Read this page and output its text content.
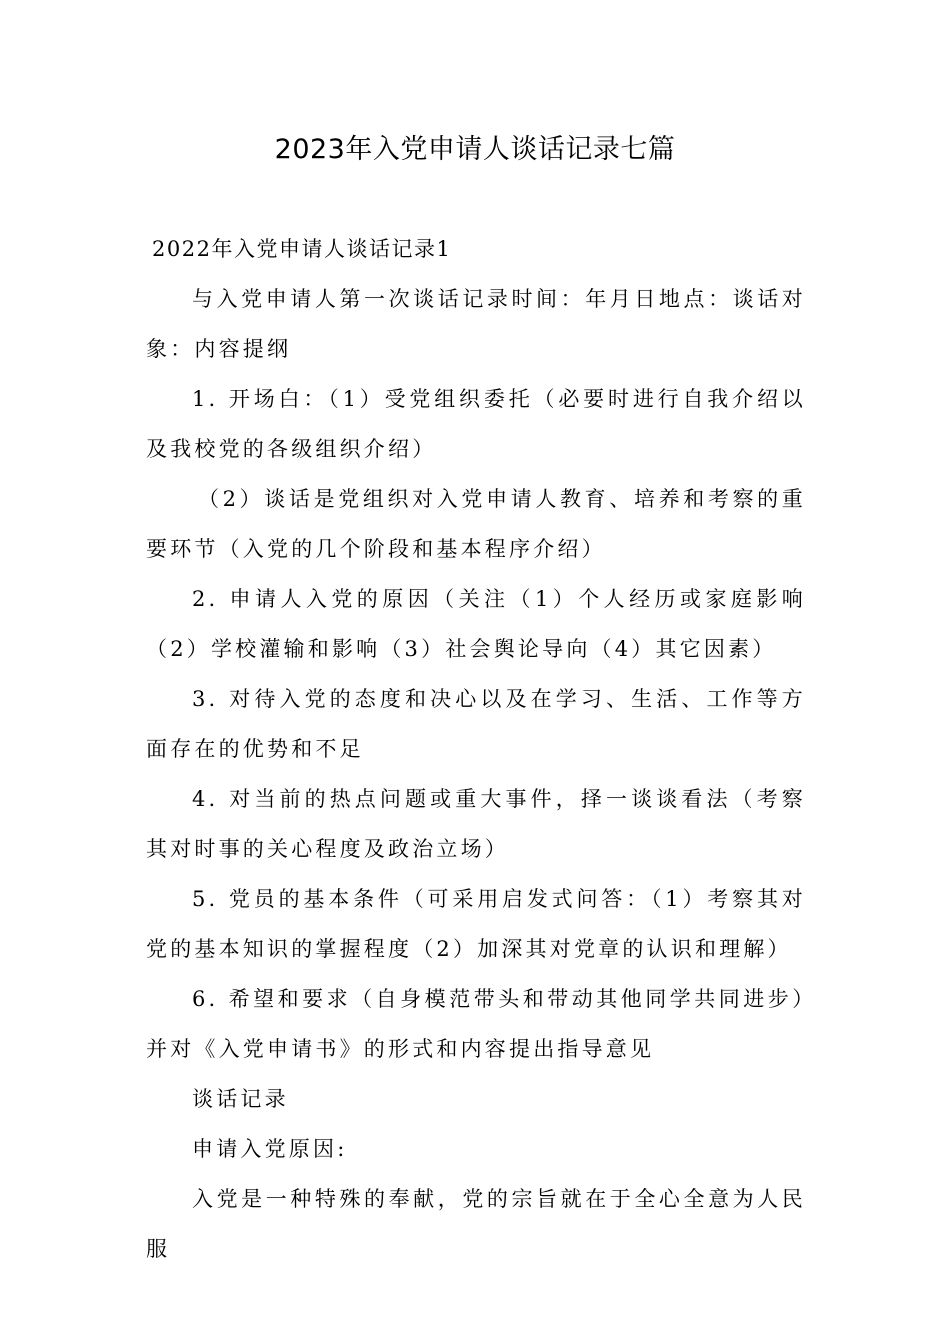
2023年入党申请人谈话记录七篇

2022年入党申请人谈话记录1

与入党申请人第一次谈话记录时间：年月日地点：谈话对象：内容提纲

1. 开场白：（1）受党组织委托（必要时进行自我介绍以及我校党的各级组织介绍）

（2）谈话是党组织对入党申请人教育、培养和考察的重要环节（入党的几个阶段和基本程序介绍）

2. 申请人入党的原因（关注（1）个人经历或家庭影响（2）学校灌输和影响（3）社会舆论导向（4）其它因素）

3. 对待入党的态度和决心以及在学习、生活、工作等方面存在的优势和不足

4. 对当前的热点问题或重大事件，择一谈谈看法（考察其对时事的关心程度及政治立场）

5. 党员的基本条件（可采用启发式问答：（1）考察其对党的基本知识的掌握程度（2）加深其对党章的认识和理解）

6. 希望和要求（自身模范带头和带动其他同学共同进步）并对《入党申请书》的形式和内容提出指导意见

谈话记录

申请入党原因:

入党是一种特殊的奉献，党的宗旨就在于全心全意为人民服
